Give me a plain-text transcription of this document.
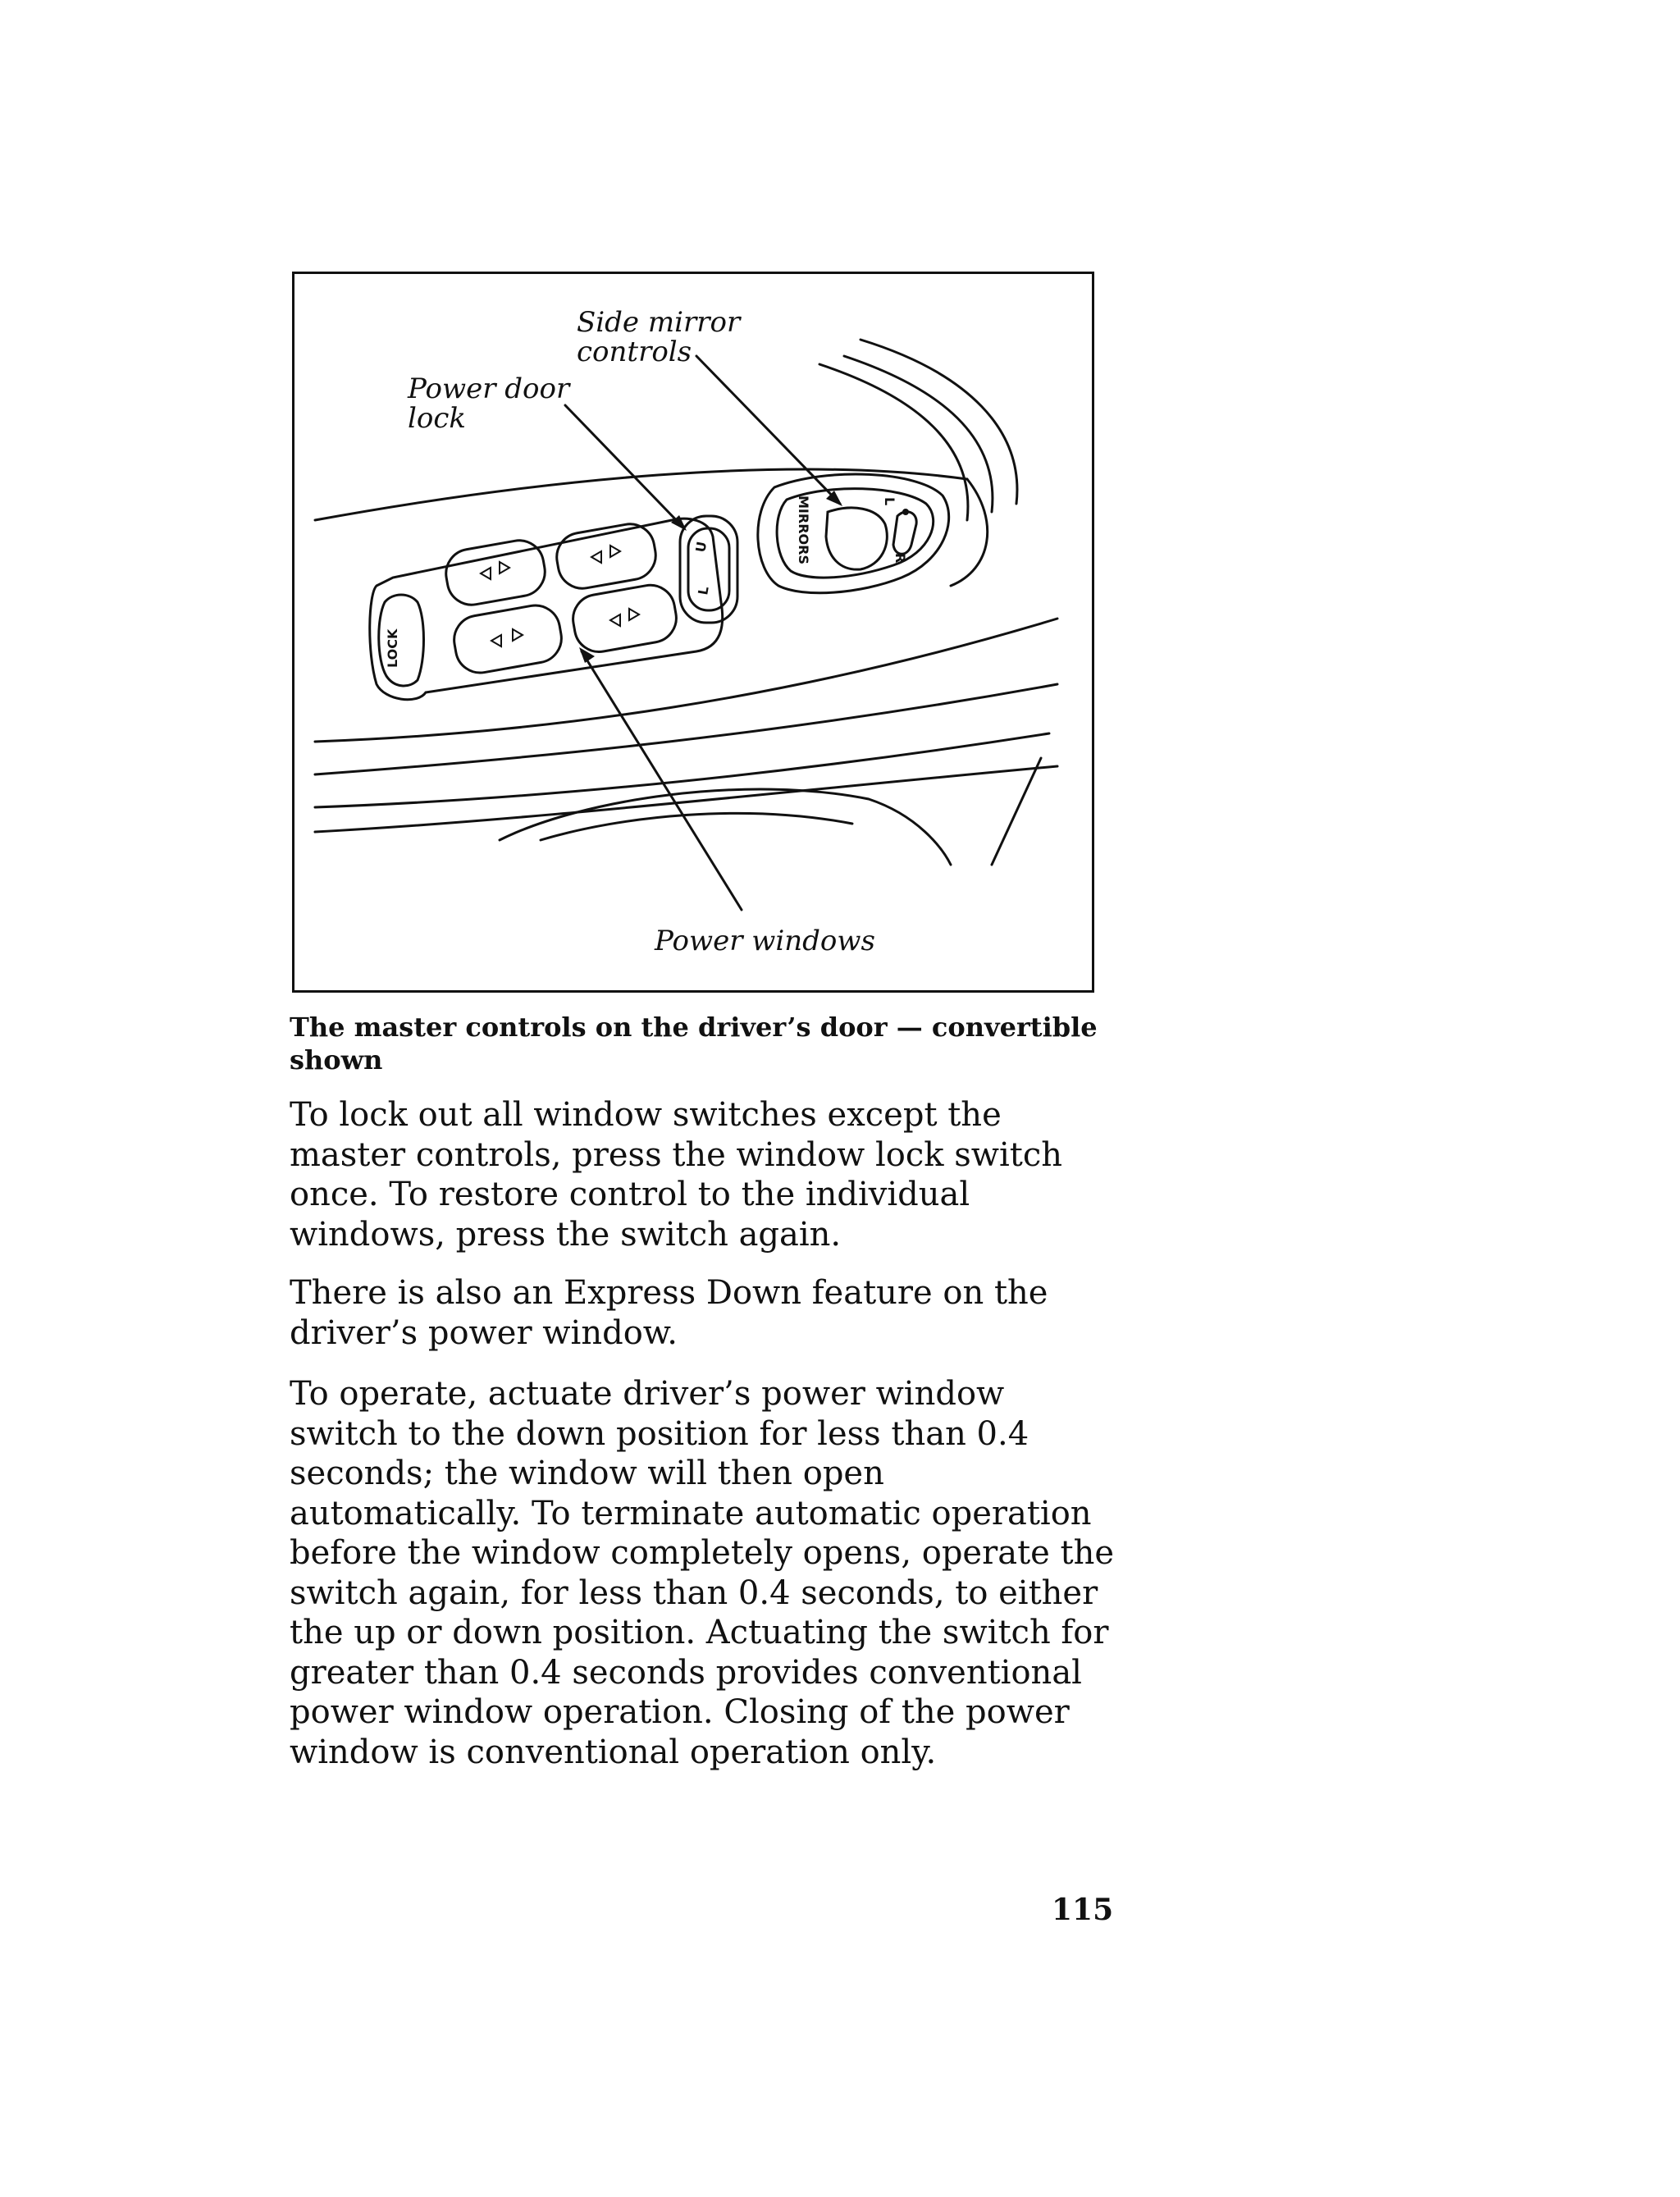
LOCK
U
L
MIRRORS	L
R
Side mirror
controls
Power door
lock
Power windows
The master controls on the driver’s door — convertible shown

To lock out all window switches except the master controls, press the window lock switch once. To restore control to the individual windows, press the switch again.

There is also an Express Down feature on the driver’s power window.

To operate, actuate driver’s power window switch to the down position for less than 0.4 seconds; the window will then open automatically. To terminate automatic operation before the window completely opens, operate the switch again, for less than 0.4 seconds, to either the up or down position. Actuating the switch for greater than 0.4 seconds provides conventional power window operation. Closing of the power window is conventional operation only.

115
